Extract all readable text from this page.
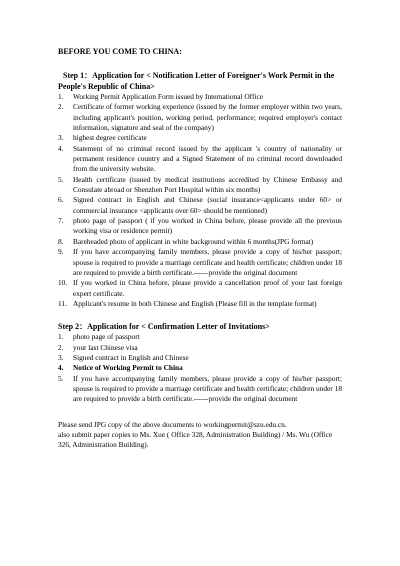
BEFORE YOU COME TO CHINA:
Step 1：Application for < Notification Letter of Foreigner's Work Permit in the People's Republic of China>
1.	Working Permit Application Form issued by International Office
2.	Certificate of former working experience (issued by the former employer within two years, including applicant's position, working period, performance; required employer's contact information, signature and seal of the company)
3.	highest degree certificate
4.	Statement of no criminal record issued by the applicant 's country of nationality or permanent residence country and a Signed Statement of no criminal record downloaded from the university website.
5.	Health certificate (issued by medical institutions accredited by Chinese Embassy and Consulate abroad or Shenzhen Port Hospital within six months)
6.	Signed contract in English and Chinese (social insurance<applicants under 60> or commercial insurance <applicants over 60> should be mentioned)
7.	photo page of passport ( if you worked in China before, please provide all the previous working visa or residence permit)
8.	Bareheaded photo of applicant in white background within 6 months(JPG format)
9.	If you have accompanying family members, please provide a copy of his/her passport; spouse is required to provide a marriage certificate and health certificate; children under 18 are required to provide a birth certificate.------provide the original document
10. If you worked in China before, please provide a cancellation proof of your last foreign expert certificate.
11. Applicant's resume in both Chinese and English (Please fill in the template format)
Step 2：Application for < Confirmation Letter of Invitations>
1.	photo page of passport
2.	your last Chinese visa
3.	Signed contract in English and Chinese
4.	Notice of Working Permit to China
5.	If you have accompanying family members, please provide a copy of his/her passport; spouse is required to provide a marriage certificate and health certificate; children under 18 are required to provide a birth certificate.------provide the original document

Please send JPG copy of the above documents to workingpermit@szu.edu.cn.

also submit paper copies to Ms. Xue ( Office 328, Administration Building) / Ms. Wu (Office 326, Administration Building).
